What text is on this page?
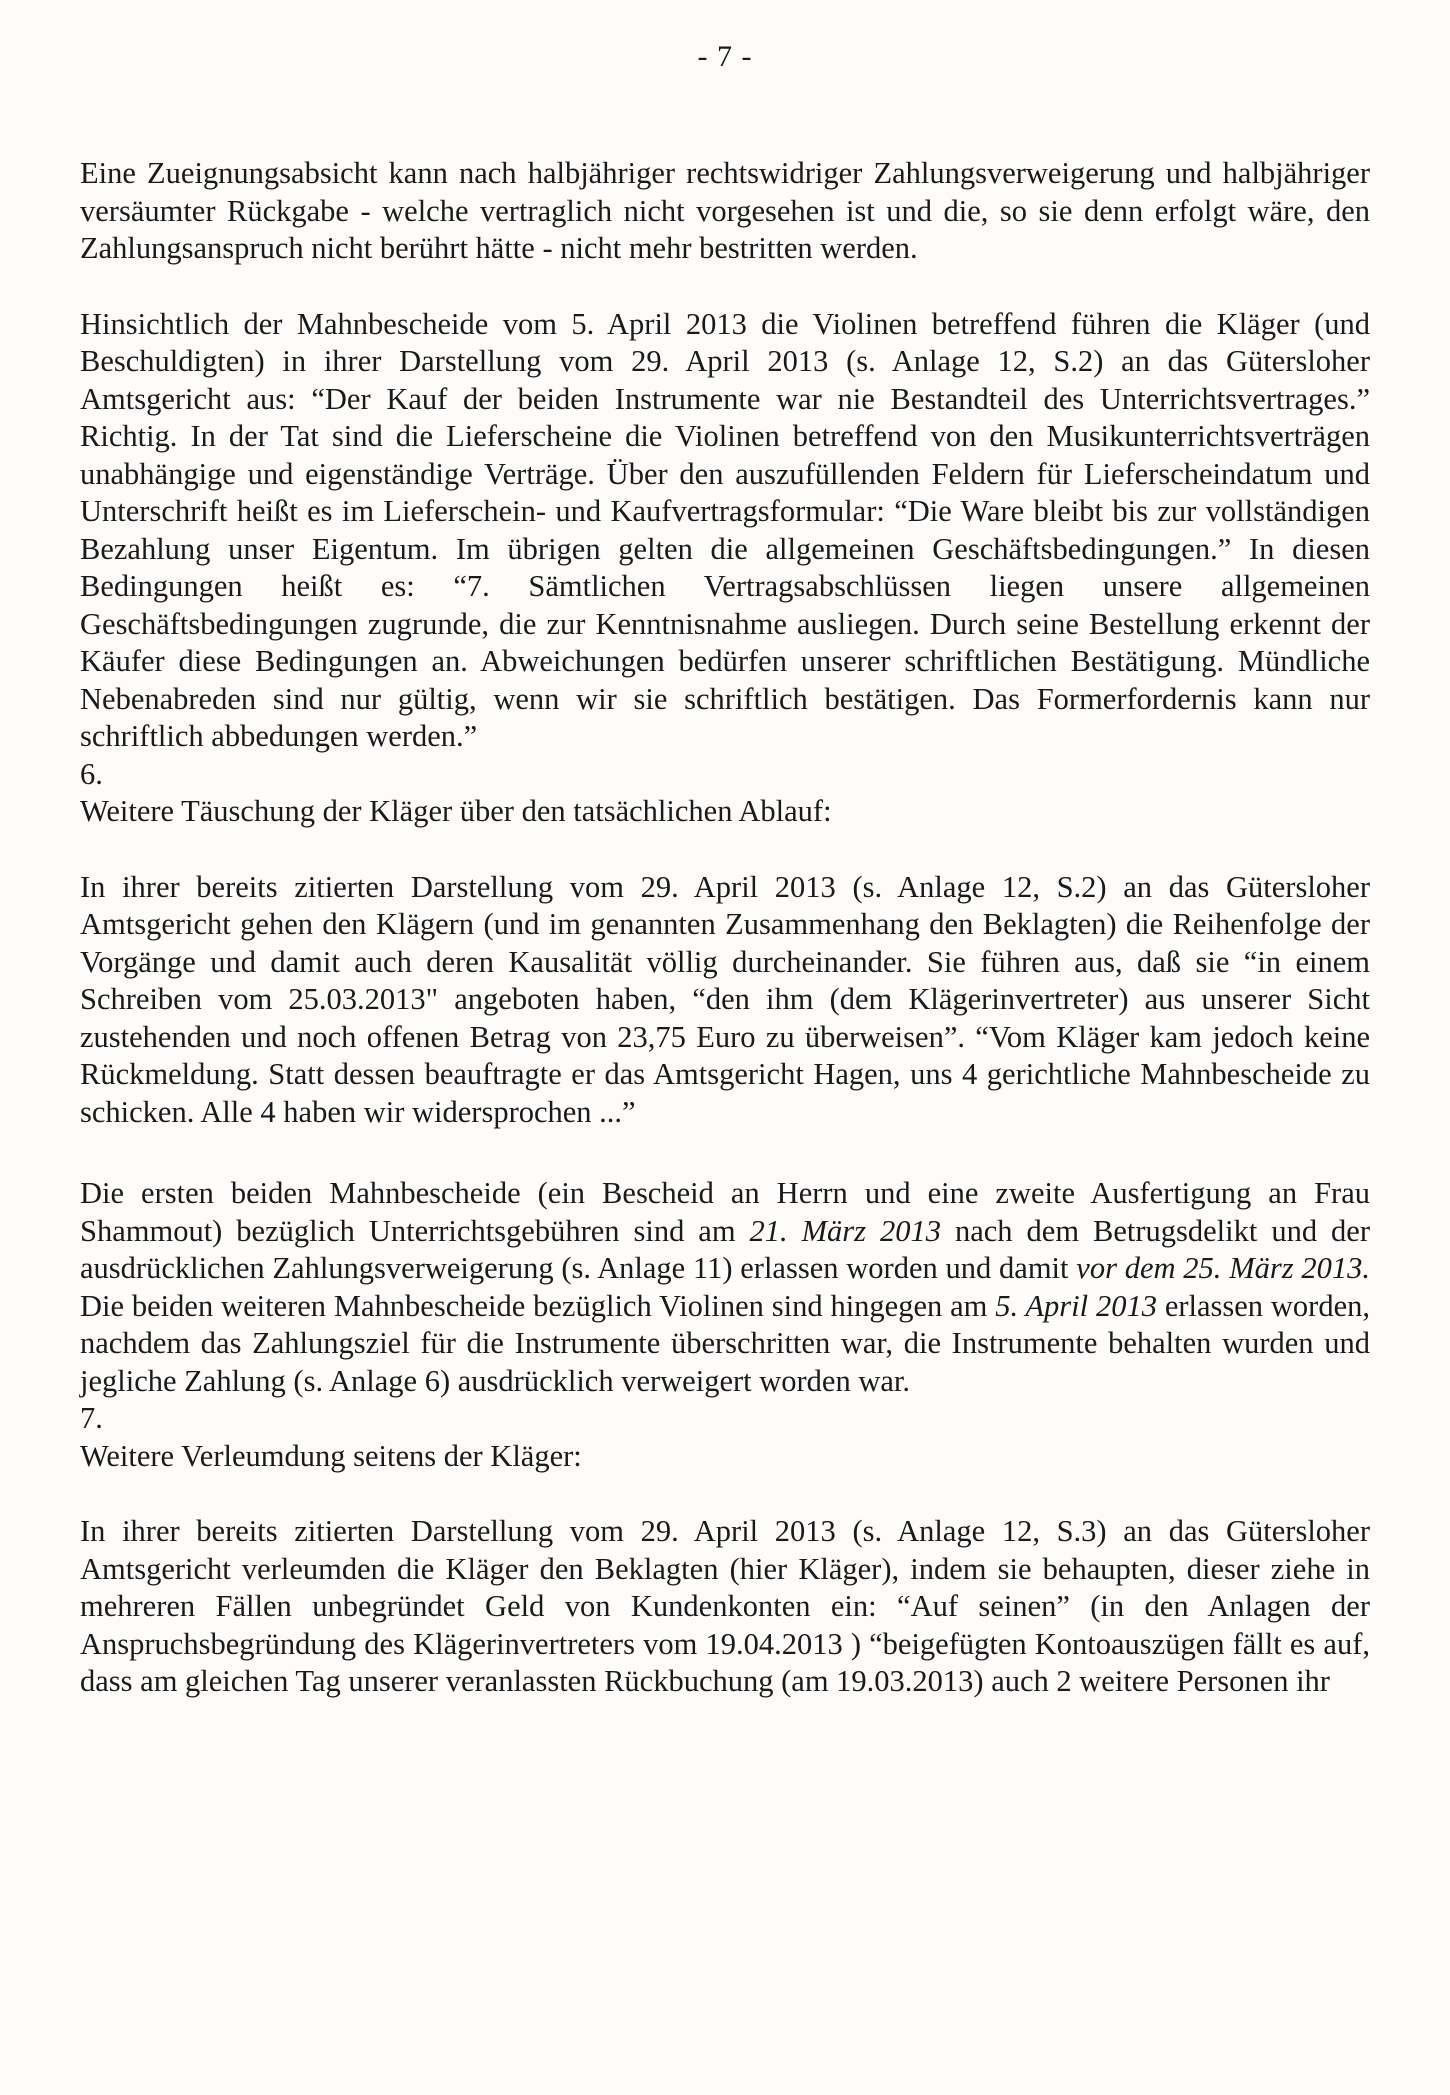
- 7 -

Eine Zueignungsabsicht kann nach halbjähriger rechtswidriger Zahlungsverweigerung und halbjähriger versäumter Rückgabe - welche vertraglich nicht vorgesehen ist und die, so sie denn erfolgt wäre, den Zahlungsanspruch nicht berührt hätte - nicht mehr bestritten werden.

Hinsichtlich der Mahnbescheide vom 5. April 2013 die Violinen betreffend führen die Kläger (und Beschuldigten) in ihrer Darstellung vom 29. April 2013 (s. Anlage 12, S.2) an das Gütersloher Amtsgericht aus: “Der Kauf der beiden Instrumente war nie Bestandteil des Unterrichtsvertrages.” Richtig. In der Tat sind die Lieferscheine die Violinen betreffend von den Musikunterrichtsverträgen unabhängige und eigenständige Verträge. Über den auszufüllenden Feldern für Lieferscheindatum und Unterschrift heißt es im Lieferschein- und Kaufvertragsformular: “Die Ware bleibt bis zur vollständigen Bezahlung unser Eigentum. Im übrigen gelten die allgemeinen Geschäftsbedingungen.” In diesen Bedingungen heißt es: “7. Sämtlichen Vertragsabschlüssen liegen unsere allgemeinen Geschäftsbedingungen zugrunde, die zur Kenntnisnahme ausliegen. Durch seine Bestellung erkennt der Käufer diese Bedingungen an. Abweichungen bedürfen unserer schriftlichen Bestätigung. Mündliche Nebenabreden sind nur gültig, wenn wir sie schriftlich bestätigen. Das Formerfordernis kann nur schriftlich abbedungen werden.”

6.

Weitere Täuschung der Kläger über den tatsächlichen Ablauf:

In ihrer bereits zitierten Darstellung vom 29. April 2013 (s. Anlage 12, S.2) an das Gütersloher Amtsgericht gehen den Klägern (und im genannten Zusammenhang den Beklagten) die Reihenfolge der Vorgänge und damit auch deren Kausalität völlig durcheinander. Sie führen aus, daß sie “in einem Schreiben vom 25.03.2013" angeboten haben, “den ihm (dem Klägerinvertreter) aus unserer Sicht zustehenden und noch offenen Betrag von 23,75 Euro zu überweisen”. “Vom Kläger kam jedoch keine Rückmeldung. Statt dessen beauftragte er das Amtsgericht Hagen, uns 4 gerichtliche Mahnbescheide zu schicken. Alle 4 haben wir widersprochen ...”

Die ersten beiden Mahnbescheide (ein Bescheid an Herrn und eine zweite Ausfertigung an Frau Shammout) bezüglich Unterrichtsgebühren sind am 21. März 2013 nach dem Betrugsdelikt und der ausdrücklichen Zahlungsverweigerung (s. Anlage 11) erlassen worden und damit vor dem 25. März 2013. Die beiden weiteren Mahnbescheide bezüglich Violinen sind hingegen am 5. April 2013 erlassen worden, nachdem das Zahlungsziel für die Instrumente überschritten war, die Instrumente behalten wurden und jegliche Zahlung (s. Anlage 6) ausdrücklich verweigert worden war.

7.

Weitere Verleumdung seitens der Kläger:

In ihrer bereits zitierten Darstellung vom 29. April 2013 (s. Anlage 12, S.3) an das Gütersloher Amtsgericht verleumden die Kläger den Beklagten (hier Kläger), indem sie behaupten, dieser ziehe in mehreren Fällen unbegründet Geld von Kundenkonten ein: “Auf seinen” (in den Anlagen der Anspruchsbegründung des Klägerinvertreters vom 19.04.2013 ) “beigefügten Kontoauszügen fällt es auf, dass am gleichen Tag unserer veranlassten Rückbuchung (am 19.03.2013) auch 2 weitere Personen ihr
